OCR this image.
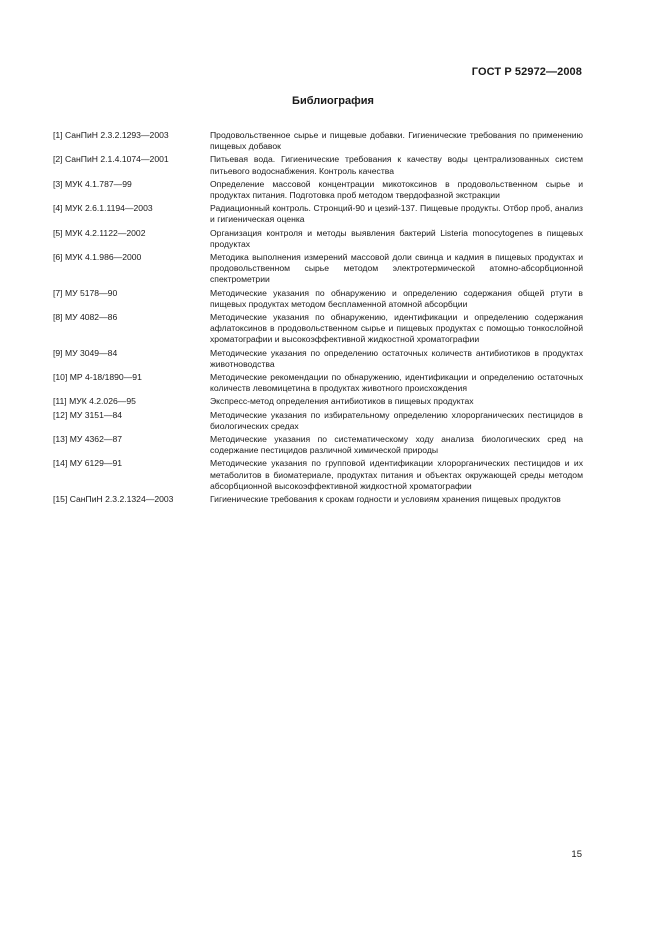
ГОСТ Р 52972—2008
Библиография
[1] СанПиН 2.3.2.1293—2003	Продовольственное сырье и пищевые добавки. Гигиенические требования по применению пищевых добавок
[2] СанПиН 2.1.4.1074—2001	Питьевая вода. Гигиенические требования к качеству воды централизованных систем питьевого водоснабжения. Контроль качества
[3] МУК 4.1.787—99	Определение массовой концентрации микотоксинов в продовольственном сырье и продуктах питания. Подготовка проб методом твердофазной экстракции
[4] МУК 2.6.1.1194—2003	Радиационный контроль. Стронций-90 и цезий-137. Пищевые продукты. Отбор проб, анализ и гигиеническая оценка
[5] МУК 4.2.1122—2002	Организация контроля и методы выявления бактерий Listeria monocytogenes в пищевых продуктах
[6] МУК 4.1.986—2000	Методика выполнения измерений массовой доли свинца и кадмия в пищевых продуктах и продовольственном сырье методом электротермической атомно-абсорбционной спектрометрии
[7] МУ 5178—90	Методические указания по обнаружению и определению содержания общей ртути в пищевых продуктах методом беспламенной атомной абсорбции
[8] МУ 4082—86	Методические указания по обнаружению, идентификации и определению содержания афлатоксинов в продовольственном сырье и пищевых продуктах с помощью тонкослойной хроматографии и высокоэффективной жидкостной хроматографии
[9] МУ 3049—84	Методические указания по определению остаточных количеств антибиотиков в продуктах животноводства
[10] МР 4-18/1890—91	Методические рекомендации по обнаружению, идентификации и определению остаточных количеств левомицетина в продуктах животного происхождения
[11] МУК 4.2.026—95	Экспресс-метод определения антибиотиков в пищевых продуктах
[12] МУ 3151—84	Методические указания по избирательному определению хлорорганических пестицидов в биологических средах
[13] МУ 4362—87	Методические указания по систематическому ходу анализа биологических сред на содержание пестицидов различной химической природы
[14] МУ 6129—91	Методические указания по групповой идентификации хлорорганических пестицидов и их метаболитов в биоматериале, продуктах питания и объектах окружающей среды методом абсорбционной высокоэффективной жидкостной хроматографии
[15] СанПиН 2.3.2.1324—2003	Гигиенические требования к срокам годности и условиям хранения пищевых продуктов
15
